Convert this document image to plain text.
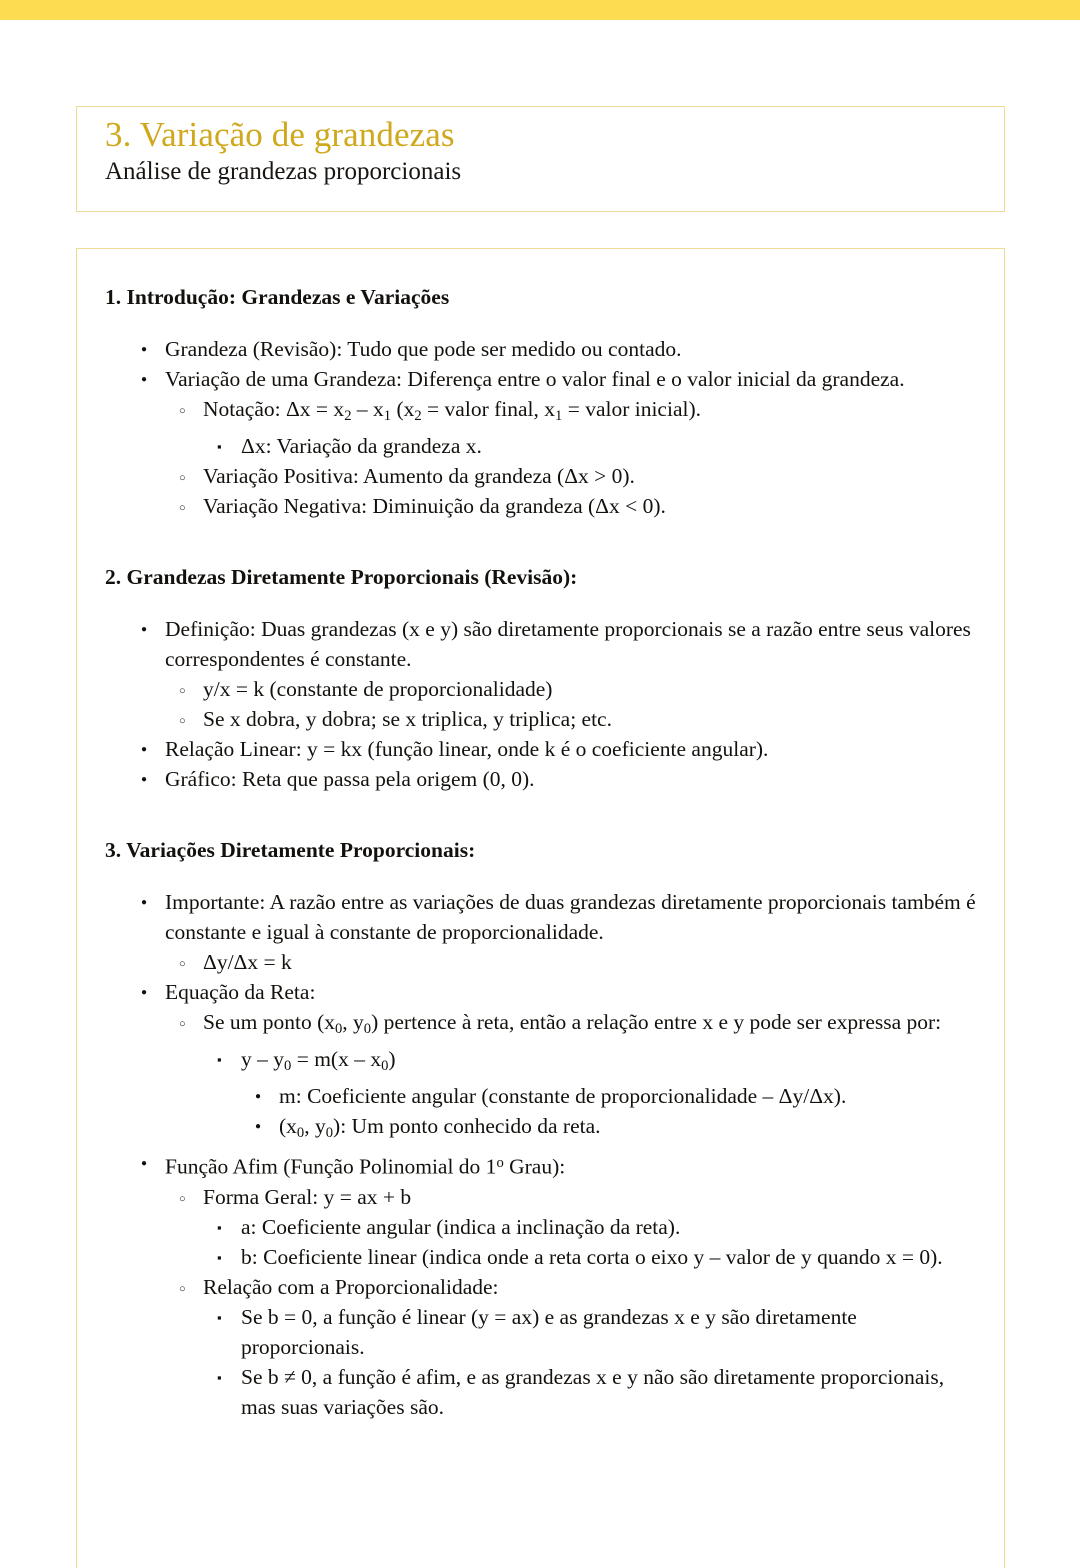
3. Variação de grandezas
Análise de grandezas proporcionais
1. Introdução: Grandezas e Variações
● Grandeza (Revisão): Tudo que pode ser medido ou contado.
● Variação de uma Grandeza: Diferença entre o valor final e o valor inicial da grandeza.
○ Notação: $\Delta x = x_2 - x_1$ ($x_2$ = valor final, $x_1$ = valor inicial).
▪ Δx: Variação da grandeza x.
○ Variação Positiva: Aumento da grandeza (Δx > 0).
○ Variação Negativa: Diminuição da grandeza (Δx < 0).
2. Grandezas Diretamente Proporcionais (Revisão):
● Definição: Duas grandezas (x e y) são diretamente proporcionais se a razão entre seus valores correspondentes é constante.
○ y/x = k (constante de proporcionalidade)
○ Se x dobra, y dobra; se x triplica, y triplica; etc.
● Relação Linear: y = kx (função linear, onde k é o coeficiente angular).
● Gráfico: Reta que passa pela origem (0, 0).
3. Variações Diretamente Proporcionais:
● Importante: A razão entre as variações de duas grandezas diretamente proporcionais também é constante e igual à constante de proporcionalidade.
○ Δy/Δx = k
● Equação da Reta:
○ Se um ponto ($x_0$, $y_0$) pertence à reta, então a relação entre x e y pode ser expressa por:
▪ $y - y_0 = m(x - x_0)$
● m: Coeficiente angular (constante de proporcionalidade – Δy/Δx).
● ($x_0$, $y_0$): Um ponto conhecido da reta.
● Função Afim (Função Polinomial do 1$^o$ Grau):
○ Forma Geral: y = ax + b
▪ a: Coeficiente angular (indica a inclinação da reta).
▪ b: Coeficiente linear (indica onde a reta corta o eixo y – valor de y quando x = 0).
○ Relação com a Proporcionalidade:
▪ Se b = 0, a função é linear (y = ax) e as grandezas x e y são diretamente proporcionais.
▪ Se b ≠ 0, a função é afim, e as grandezas x e y não são diretamente proporcionais, mas suas variações são.
